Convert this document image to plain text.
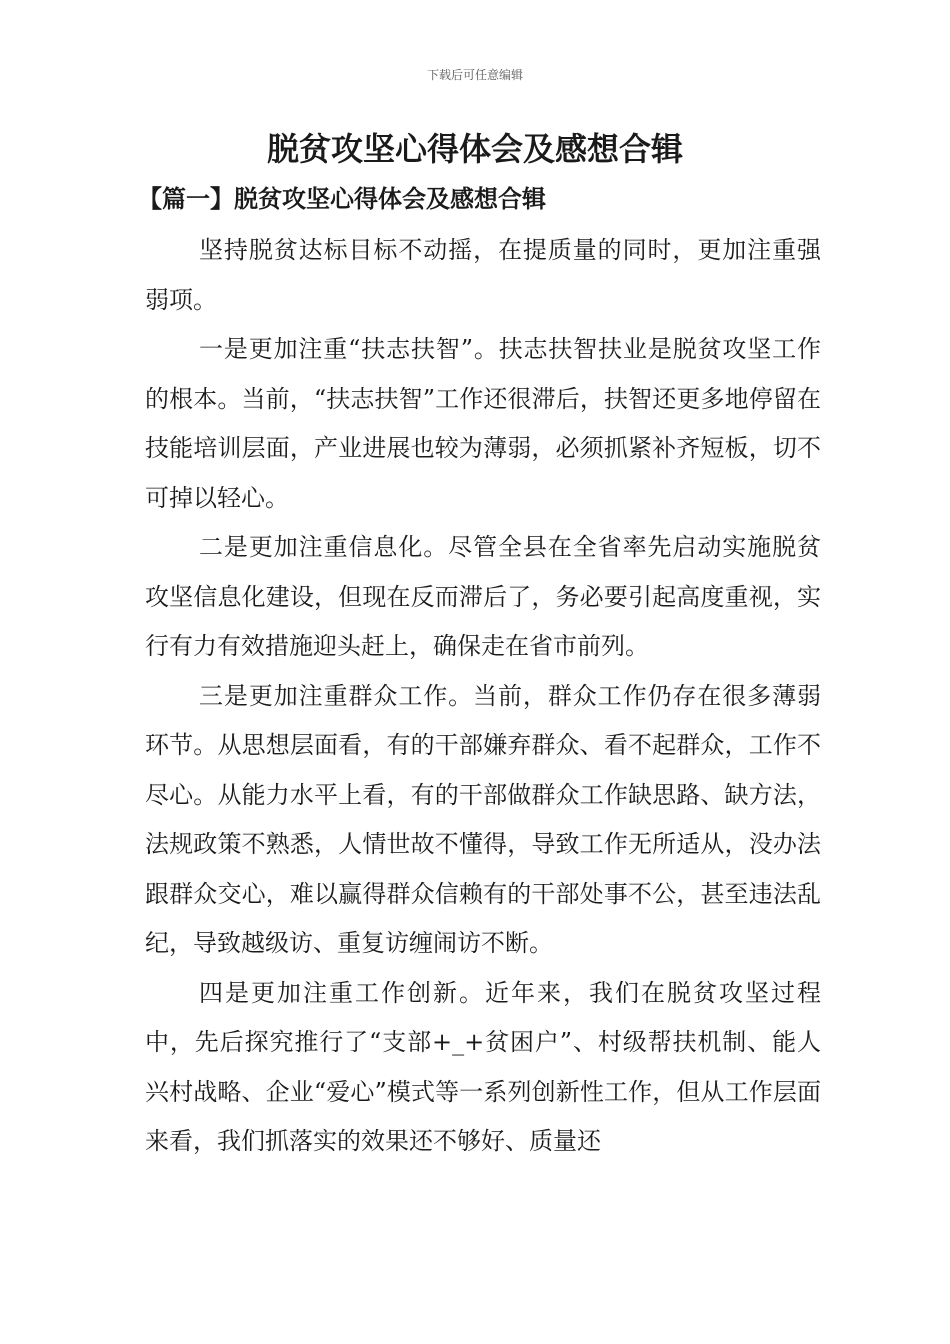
下载后可任意编辑
脱贫攻坚心得体会及感想合辑
【篇一】脱贫攻坚心得体会及感想合辑

坚持脱贫达标目标不动摇，在提质量的同时，更加注重强弱项。

一是更加注重“扶志扶智”。扶志扶智扶业是脱贫攻坚工作的根本。当前，“扶志扶智”工作还很滞后，扶智还更多地停留在技能培训层面，产业进展也较为薄弱，必须抓紧补齐短板，切不可掉以轻心。

二是更加注重信息化。尽管全县在全省率先启动实施脱贫攻坚信息化建设，但现在反而滞后了，务必要引起高度重视，实行有力有效措施迎头赶上，确保走在省市前列。

三是更加注重群众工作。当前，群众工作仍存在很多薄弱环节。从思想层面看，有的干部嫌弃群众、看不起群众，工作不尽心。从能力水平上看，有的干部做群众工作缺思路、缺方法，法规政策不熟悉，人情世故不懂得，导致工作无所适从，没办法跟群众交心，难以赢得群众信赖有的干部处事不公，甚至违法乱纪，导致越级访、重复访缠闹访不断。

四是更加注重工作创新。近年来，我们在脱贫攻坚过程中，先后探究推行了“支部+_+贫困户”、村级帮扶机制、能人兴村战略、企业“爱心”模式等一系列创新性工作，但从工作层面来看，我们抓落实的效果还不够好、质量还
